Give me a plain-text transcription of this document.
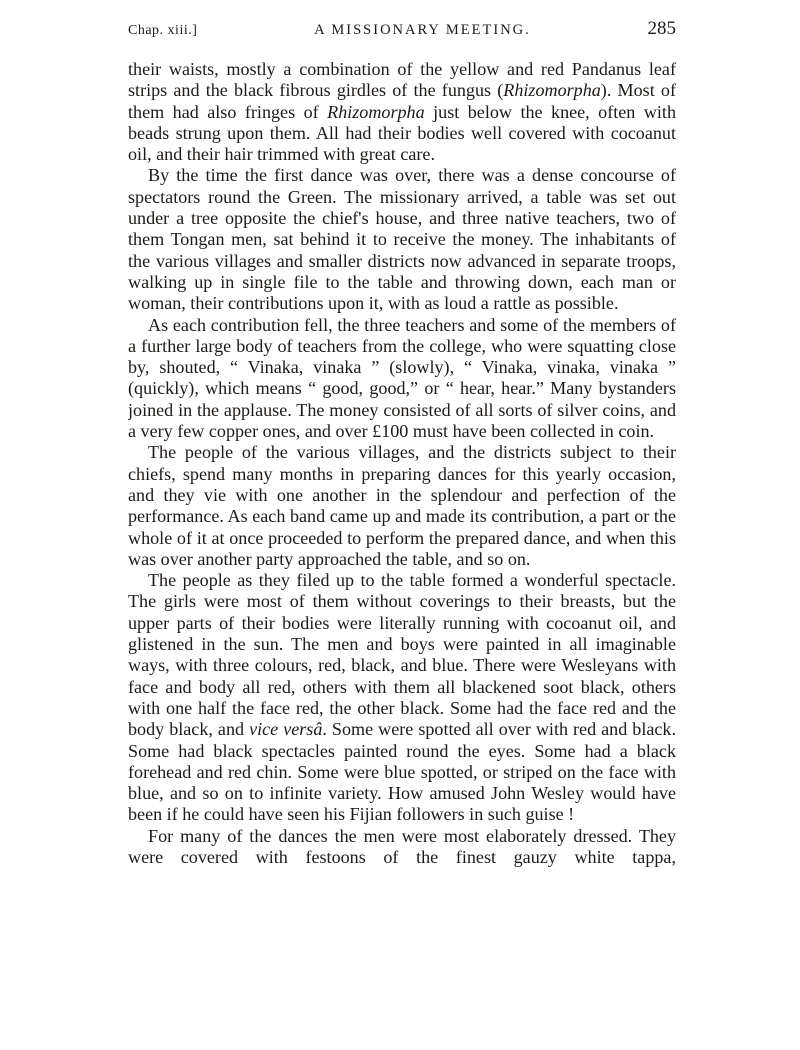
Chap. xiii.]	A MISSIONARY MEETING.	285

their waists, mostly a combination of the yellow and red Pandanus leaf strips and the black fibrous girdles of the fungus (Rhizomorpha). Most of them had also fringes of Rhizomorpha just below the knee, often with beads strung upon them. All had their bodies well covered with cocoanut oil, and their hair trimmed with great care.

By the time the first dance was over, there was a dense concourse of spectators round the Green. The missionary arrived, a table was set out under a tree opposite the chief's house, and three native teachers, two of them Tongan men, sat behind it to receive the money. The inhabitants of the various villages and smaller districts now advanced in separate troops, walking up in single file to the table and throwing down, each man or woman, their contributions upon it, with as loud a rattle as possible.

As each contribution fell, the three teachers and some of the members of a further large body of teachers from the college, who were squatting close by, shouted, “ Vinaka, vinaka ” (slowly), “ Vinaka, vinaka, vinaka ” (quickly), which means “ good, good,” or “ hear, hear.” Many bystanders joined in the applause. The money consisted of all sorts of silver coins, and a very few copper ones, and over £100 must have been collected in coin.

The people of the various villages, and the districts subject to their chiefs, spend many months in preparing dances for this yearly occasion, and they vie with one another in the splendour and perfection of the performance. As each band came up and made its contribution, a part or the whole of it at once proceeded to perform the prepared dance, and when this was over another party approached the table, and so on.

The people as they filed up to the table formed a wonderful spectacle. The girls were most of them without coverings to their breasts, but the upper parts of their bodies were literally running with cocoanut oil, and glistened in the sun. The men and boys were painted in all imaginable ways, with three colours, red, black, and blue. There were Wesleyans with face and body all red, others with them all blackened soot black, others with one half the face red, the other black. Some had the face red and the body black, and vice versâ. Some were spotted all over with red and black. Some had black spectacles painted round the eyes. Some had a black forehead and red chin. Some were blue spotted, or striped on the face with blue, and so on to infinite variety. How amused John Wesley would have been if he could have seen his Fijian followers in such guise !

For many of the dances the men were most elaborately dressed. They were covered with festoons of the finest gauzy white tappa,
